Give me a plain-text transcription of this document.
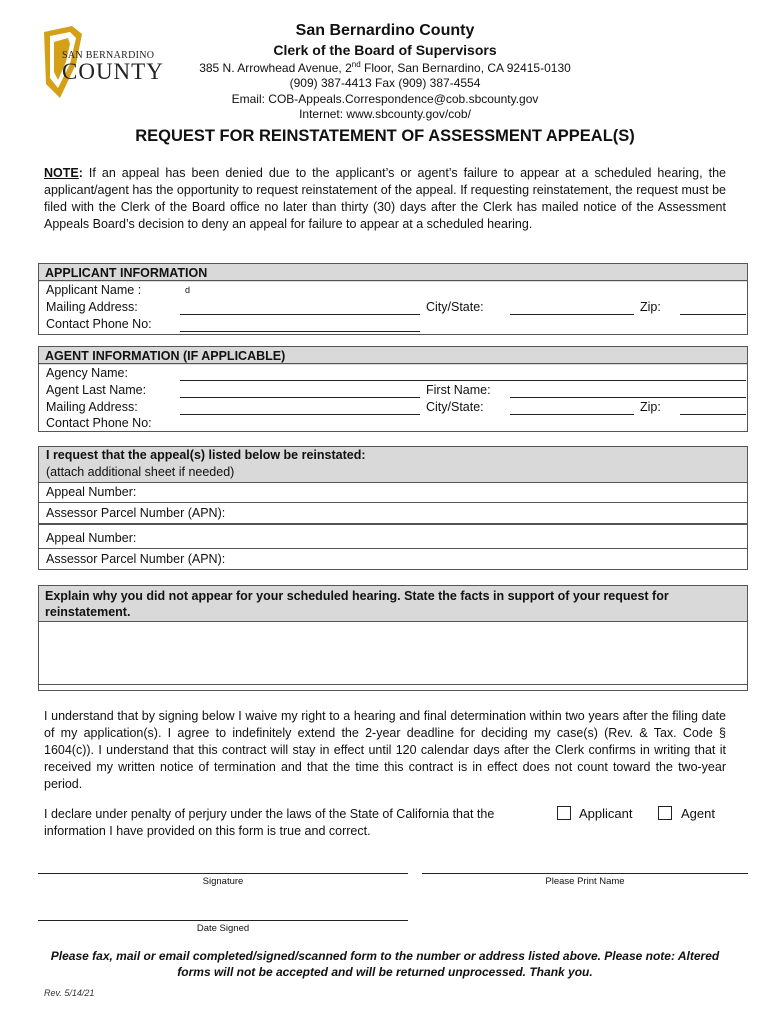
SAN BERNARDINO
COUNTY
San Bernardino County
Clerk of the Board of Supervisors
385 N. Arrowhead Avenue, 2nd Floor, San Bernardino, CA 92415-0130
(909) 387-4413 Fax (909) 387-4554
Email: COB-Appeals.Correspondence@cob.sbcounty.gov
Internet: www.sbcounty.gov/cob/
REQUEST FOR REINSTATEMENT OF ASSESSMENT APPEAL(S)
NOTE: If an appeal has been denied due to the applicant’s or agent’s failure to appear at a scheduled hearing, the applicant/agent has the opportunity to request reinstatement of the appeal. If requesting reinstatement, the request must be filed with the Clerk of the Board office no later than thirty (30) days after the Clerk has mailed notice of the Assessment Appeals Board’s decision to deny an appeal for failure to appear at a scheduled hearing.
APPLICANT INFORMATION
Applicant Name :	d
Mailing Address:	City/State:	Zip:
Contact Phone No:
AGENT INFORMATION (IF APPLICABLE)
Agency Name:
Agent Last Name:	First Name:
Mailing Address:	City/State:	Zip:
Contact Phone No:
I request that the appeal(s) listed below be reinstated:
(attach additional sheet if needed)
Appeal Number:
Assessor Parcel Number (APN):
Appeal Number:
Assessor Parcel Number (APN):
Explain why you did not appear for your scheduled hearing. State the facts in support of your request for reinstatement.
I understand that by signing below I waive my right to a hearing and final determination within two years after the filing date of my application(s). I agree to indefinitely extend the 2-year deadline for deciding my case(s) (Rev. & Tax. Code § 1604(c)). I understand that this contract will stay in effect until 120 calendar days after the Clerk confirms in writing that it received my written notice of termination and that the time this contract is in effect does not count toward the two-year period.
I declare under penalty of perjury under the laws of the State of California that the information I have provided on this form is true and correct.
Applicant	Agent
Signature	Please Print Name
Date Signed
Please fax, mail or email completed/signed/scanned form to the number or address listed above. Please note: Altered forms will not be accepted and will be returned unprocessed. Thank you.
Rev. 5/14/21
